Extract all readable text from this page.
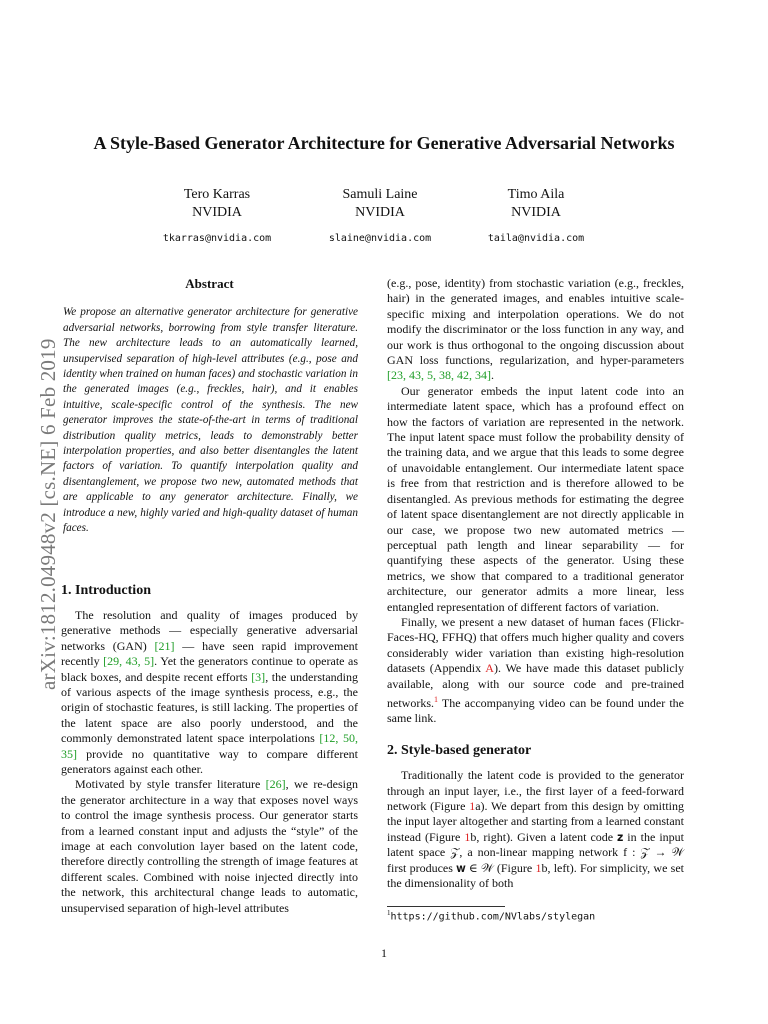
arXiv:1812.04948v2 [cs.NE] 6 Feb 2019
A Style-Based Generator Architecture for Generative Adversarial Networks
Tero Karras
NVIDIA
tkarras@nvidia.com
Samuli Laine
NVIDIA
slaine@nvidia.com
Timo Aila
NVIDIA
taila@nvidia.com
Abstract

We propose an alternative generator architecture for generative adversarial networks, borrowing from style transfer literature. The new architecture leads to an automatically learned, unsupervised separation of high-level attributes (e.g., pose and identity when trained on human faces) and stochastic variation in the generated images (e.g., freckles, hair), and it enables intuitive, scale-specific control of the synthesis. The new generator improves the state-of-the-art in terms of traditional distribution quality metrics, leads to demonstrably better interpolation properties, and also better disentangles the latent factors of variation. To quantify interpolation quality and disentanglement, we propose two new, automated methods that are applicable to any generator architecture. Finally, we introduce a new, highly varied and high-quality dataset of human faces.

1. Introduction

The resolution and quality of images produced by generative methods — especially generative adversarial networks (GAN) [21] — have seen rapid improvement recently [29, 43, 5]. Yet the generators continue to operate as black boxes, and despite recent efforts [3], the understanding of various aspects of the image synthesis process, e.g., the origin of stochastic features, is still lacking. The properties of the latent space are also poorly understood, and the commonly demonstrated latent space interpolations [12, 50, 35] provide no quantitative way to compare different generators against each other.

Motivated by style transfer literature [26], we re-design the generator architecture in a way that exposes novel ways to control the image synthesis process. Our generator starts from a learned constant input and adjusts the “style” of the image at each convolution layer based on the latent code, therefore directly controlling the strength of image features at different scales. Combined with noise injected directly into the network, this architectural change leads to automatic, unsupervised separation of high-level attributes

(e.g., pose, identity) from stochastic variation (e.g., freckles, hair) in the generated images, and enables intuitive scale-specific mixing and interpolation operations. We do not modify the discriminator or the loss function in any way, and our work is thus orthogonal to the ongoing discussion about GAN loss functions, regularization, and hyper-parameters [23, 43, 5, 38, 42, 34].

Our generator embeds the input latent code into an intermediate latent space, which has a profound effect on how the factors of variation are represented in the network. The input latent space must follow the probability density of the training data, and we argue that this leads to some degree of unavoidable entanglement. Our intermediate latent space is free from that restriction and is therefore allowed to be disentangled. As previous methods for estimating the degree of latent space disentanglement are not directly applicable in our case, we propose two new automated metrics — perceptual path length and linear separability — for quantifying these aspects of the generator. Using these metrics, we show that compared to a traditional generator architecture, our generator admits a more linear, less entangled representation of different factors of variation.

Finally, we present a new dataset of human faces (Flickr-Faces-HQ, FFHQ) that offers much higher quality and covers considerably wider variation than existing high-resolution datasets (Appendix A). We have made this dataset publicly available, along with our source code and pre-trained networks.$^1$ The accompanying video can be found under the same link.

2. Style-based generator

Traditionally the latent code is provided to the generator through an input layer, i.e., the first layer of a feed-forward network (Figure 1a). We depart from this design by omitting the input layer altogether and starting from a learned constant instead (Figure 1b, right). Given a latent code 𝐳 in the input latent space 𝒵, a non-linear mapping network f : 𝒵 → 𝒲 first produces 𝐰 ∈ 𝒲 (Figure 1b, left). For simplicity, we set the dimensionality of both

$^1$https://github.com/NVlabs/stylegan
1
